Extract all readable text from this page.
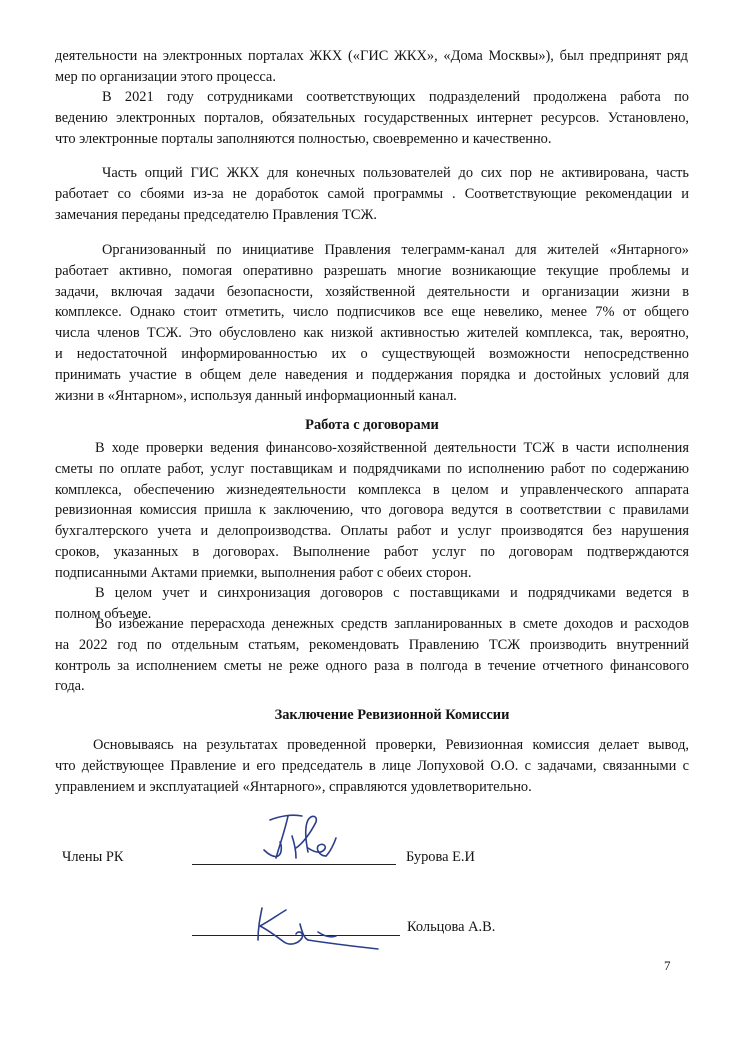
деятельности на электронных порталах ЖКХ («ГИС ЖКХ», «Дома Москвы»), был предпринят ряд
мер по организации этого процесса.
В 2021 году сотрудниками соответствующих подразделений продолжена работа по
ведению электронных порталов, обязательных государственных интернет ресурсов. Установлено,
что электронные порталы заполняются полностью, своевременно и качественно.
Часть опций ГИС ЖКХ для конечных пользователей до сих пор не активирована, часть
работает со сбоями из-за не доработок самой программы . Соответствующие рекомендации и
замечания переданы председателю Правления ТСЖ.
Организованный по инициативе Правления телеграмм-канал для жителей «Янтарного»
работает активно, помогая оперативно разрешать многие возникающие текущие проблемы и
задачи, включая задачи безопасности, хозяйственной деятельности и организации жизни в
комплексе. Однако стоит отметить, число подписчиков все еще невелико, менее 7% от общего
числа членов ТСЖ. Это обусловлено как низкой активностью жителей комплекса, так, вероятно,
и недостаточной информированностью их о существующей возможности непосредственно
принимать участие в общем деле наведения и поддержания порядка и достойных условий для
жизни в «Янтарном», используя данный информационный канал.
Работа с договорами
В ходе проверки ведения финансово-хозяйственной деятельности ТСЖ в части исполнения
сметы по оплате работ, услуг поставщикам и подрядчиками по исполнению работ по содержанию
комплекса, обеспечению жизнедеятельности комплекса в целом и управленческого аппарата
ревизионная комиссия пришла к заключению, что договора ведутся в соответствии с правилами
бухгалтерского учета и делопроизводства. Оплаты работ и услуг производятся без нарушения
сроков, указанных в договорах. Выполнение работ услуг по договорам подтверждаются
подписанными Актами приемки, выполнения работ с обеих сторон.
В целом учет и синхронизация договоров с поставщиками и подрядчиками ведется в
полном объеме.
Во избежание перерасхода денежных средств запланированных в смете доходов и расходов
на 2022 год по отдельным статьям, рекомендовать Правлению ТСЖ производить внутренний
контроль за исполнением сметы не реже одного раза в полгода в течение отчетного финансового
года.
Заключение Ревизионной Комиссии
Основываясь на результатах проведенной проверки, Ревизионная комиссия делает вывод,
что действующее Правление и его председатель в лице Лопуховой О.О. с задачами, связанными с
управлением и эксплуатацией «Янтарного», справляются удовлетворительно.
Члены РК	Бурова Е.И
Кольцова А.В.
7
